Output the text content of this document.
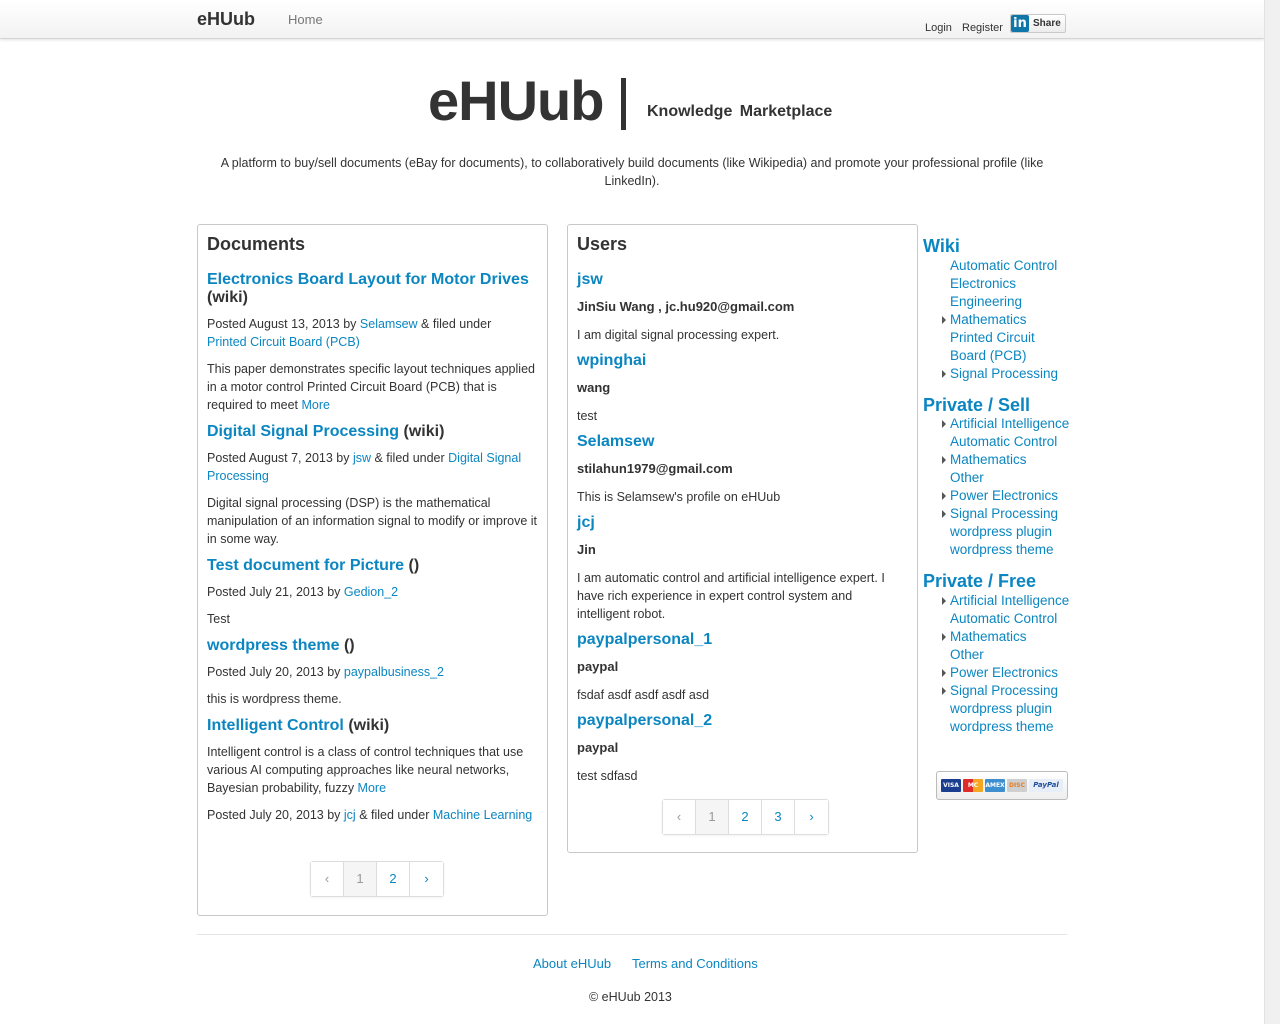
eHUub	Home
Login Register in Share
eHUub	Knowledge Marketplace
A platform to buy/sell documents (eBay for documents), to collaboratively build documents (like Wikipedia) and promote your professional profile (like LinkedIn).
Documents
Electronics Board Layout for Motor Drives
(wiki)
Posted August 13, 2013 by Selamsew & filed under
Printed Circuit Board (PCB)
This paper demonstrates specific layout techniques applied in a motor control Printed Circuit Board (PCB) that is required to meet More
Digital Signal Processing (wiki)
Posted August 7, 2013 by jsw & filed under Digital Signal Processing
Digital signal processing (DSP) is the mathematical manipulation of an information signal to modify or improve it in some way.
Test document for Picture ()
Posted July 21, 2013 by Gedion_2
Test
wordpress theme ()
Posted July 20, 2013 by paypalbusiness_2
this is wordpress theme.
Intelligent Control (wiki)
Intelligent control is a class of control techniques that use various AI computing approaches like neural networks, Bayesian probability, fuzzy More
Posted July 20, 2013 by jcj & filed under Machine Learning
‹	1	2	›
Users
jsw
JinSiu Wang , jc.hu920@gmail.com
I am digital signal processing expert.
wpinghai
wang
test
Selamsew
stilahun1979@gmail.com
This is Selamsew's profile on eHUub
jcj
Jin
I am automatic control and artificial intelligence expert. I have rich experience in expert control system and intelligent robot.
paypalpersonal_1
paypal
fsdaf asdf asdf asdf asd
paypalpersonal_2
paypal
test sdfasd
‹	1	2	3	›
Wiki
Automatic Control
Electronics Engineering
Mathematics
Printed Circuit Board (PCB)
Signal Processing
Private / Sell
Artificial Intelligence
Automatic Control
Mathematics
Other
Power Electronics
Signal Processing
wordpress plugin
wordpress theme
Private / Free
Artificial Intelligence
Automatic Control
Mathematics
Other
Power Electronics
Signal Processing
wordpress plugin
wordpress theme
VISA	MC	AMEX DISC	PayPal
About eHUub Terms and Conditions
© eHUub 2013
